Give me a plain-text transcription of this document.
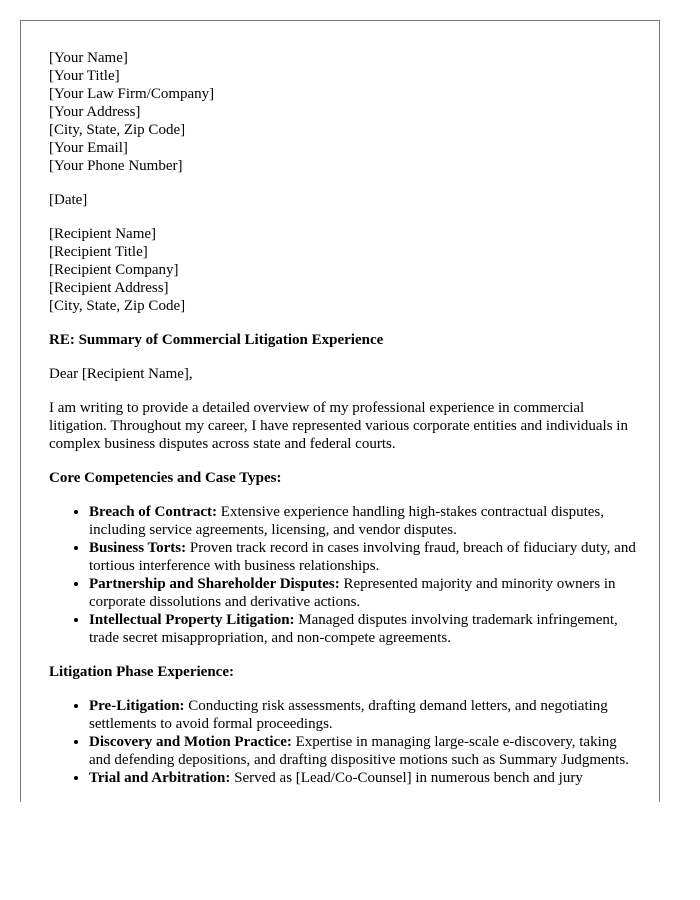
[Your Name]
[Your Title]
[Your Law Firm/Company]
[Your Address]
[City, State, Zip Code]
[Your Email]
[Your Phone Number]
[Date]
[Recipient Name]
[Recipient Title]
[Recipient Company]
[Recipient Address]
[City, State, Zip Code]
RE: Summary of Commercial Litigation Experience
Dear [Recipient Name],

I am writing to provide a detailed overview of my professional experience in commercial litigation. Throughout my career, I have represented various corporate entities and individuals in complex business disputes across state and federal courts.

Core Competencies and Case Types:
• Breach of Contract: Extensive experience handling high-stakes contractual disputes, including service agreements, licensing, and vendor disputes.
• Business Torts: Proven track record in cases involving fraud, breach of fiduciary duty, and tortious interference with business relationships.
• Partnership and Shareholder Disputes: Represented majority and minority owners in corporate dissolutions and derivative actions.
• Intellectual Property Litigation: Managed disputes involving trademark infringement, trade secret misappropriation, and non-compete agreements.
Litigation Phase Experience:
• Pre-Litigation: Conducting risk assessments, drafting demand letters, and negotiating settlements to avoid formal proceedings.
• Discovery and Motion Practice: Expertise in managing large-scale e-discovery, taking and defending depositions, and drafting dispositive motions such as Summary Judgments.
• Trial and Arbitration: Served as [Lead/Co-Counsel] in numerous bench and jury
